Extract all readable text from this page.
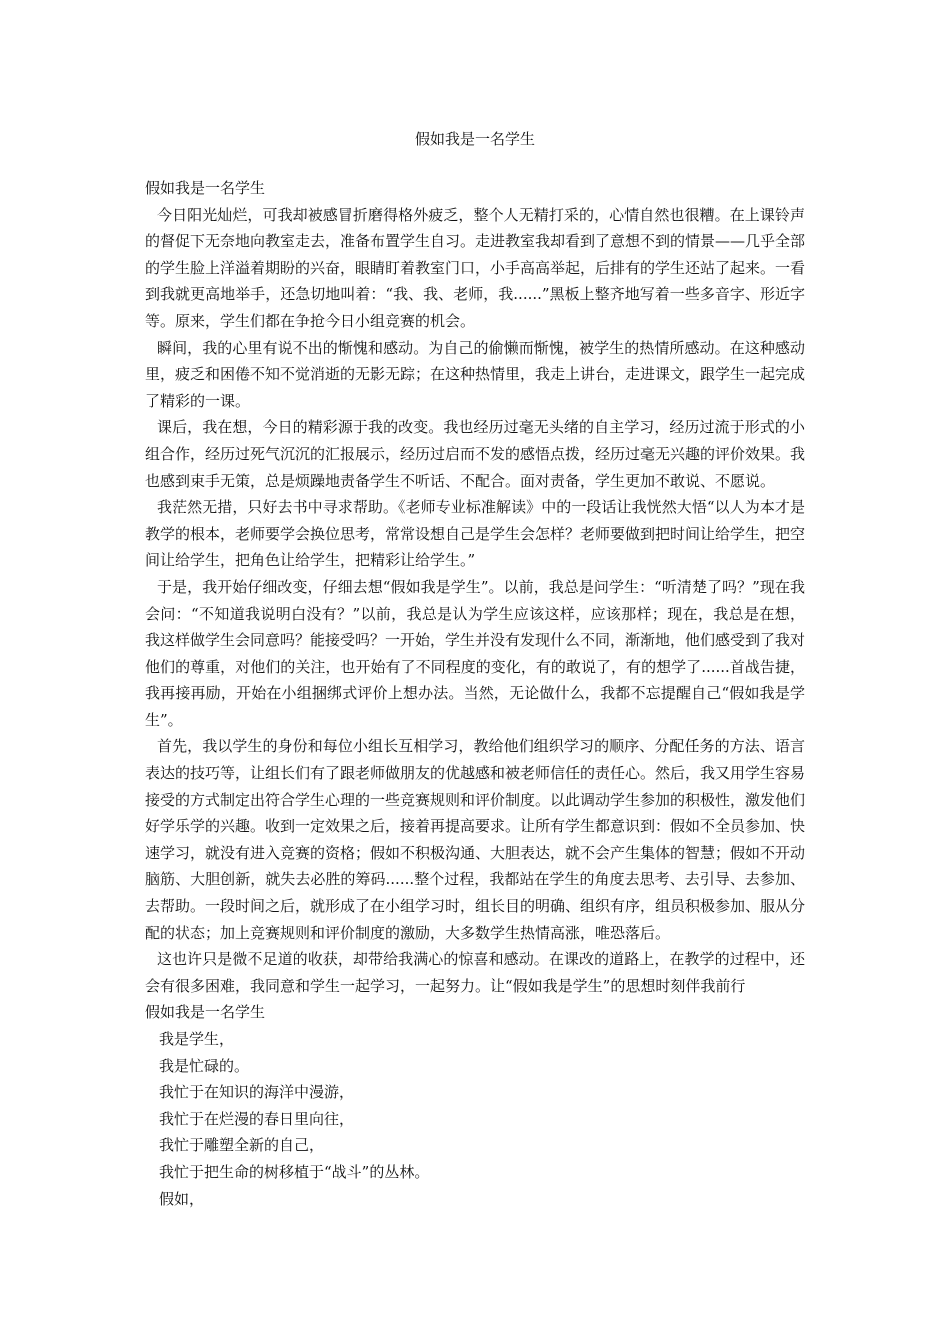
假如我是一名学生

假如我是一名学生

今日阳光灿烂，可我却被感冒折磨得格外疲乏，整个人无精打采的，心情自然也很糟。在上课铃声的督促下无奈地向教室走去，准备布置学生自习。走进教室我却看到了意想不到的情景——几乎全部的学生脸上洋溢着期盼的兴奋，眼睛盯着教室门口，小手高高举起，后排有的学生还站了起来。一看到我就更高地举手，还急切地叫着：“我、我、老师，我......”黑板上整齐地写着一些多音字、形近字等。原来，学生们都在争抢今日小组竞赛的机会。

瞬间，我的心里有说不出的惭愧和感动。为自己的偷懒而惭愧，被学生的热情所感动。在这种感动里，疲乏和困倦不知不觉消逝的无影无踪；在这种热情里，我走上讲台，走进课文，跟学生一起完成了精彩的一课。

课后，我在想，今日的精彩源于我的改变。我也经历过毫无头绪的自主学习，经历过流于形式的小组合作，经历过死气沉沉的汇报展示，经历过启而不发的感悟点拨，经历过毫无兴趣的评价效果。我也感到束手无策，总是烦躁地责备学生不听话、不配合。面对责备，学生更加不敢说、不愿说。

我茫然无措，只好去书中寻求帮助。《老师专业标准解读》中的一段话让我恍然大悟“以人为本才是教学的根本，老师要学会换位思考，常常设想自己是学生会怎样？老师要做到把时间让给学生，把空间让给学生，把角色让给学生，把精彩让给学生。”

于是，我开始仔细改变，仔细去想“假如我是学生”。以前，我总是问学生：“听清楚了吗？”现在我会问：“不知道我说明白没有？”以前，我总是认为学生应该这样，应该那样；现在，我总是在想，我这样做学生会同意吗？能接受吗？一开始，学生并没有发现什么不同，渐渐地，他们感受到了我对他们的尊重，对他们的关注，也开始有了不同程度的变化，有的敢说了，有的想学了......首战告捷，我再接再励，开始在小组捆绑式评价上想办法。当然，无论做什么，我都不忘提醒自己“假如我是学生”。

首先，我以学生的身份和每位小组长互相学习，教给他们组织学习的顺序、分配任务的方法、语言表达的技巧等，让组长们有了跟老师做朋友的优越感和被老师信任的责任心。然后，我又用学生容易接受的方式制定出符合学生心理的一些竞赛规则和评价制度。以此调动学生参加的积极性，激发他们好学乐学的兴趣。收到一定效果之后，接着再提高要求。让所有学生都意识到：假如不全员参加、快速学习，就没有进入竞赛的资格；假如不积极沟通、大胆表达，就不会产生集体的智慧；假如不开动脑筋、大胆创新，就失去必胜的筹码......整个过程，我都站在学生的角度去思考、去引导、去参加、去帮助。一段时间之后，就形成了在小组学习时，组长目的明确、组织有序，组员积极参加、服从分配的状态；加上竞赛规则和评价制度的激励，大多数学生热情高涨，唯恐落后。

这也许只是微不足道的收获，却带给我满心的惊喜和感动。在课改的道路上，在教学的过程中，还会有很多困难，我同意和学生一起学习，一起努力。让“假如我是学生”的思想时刻伴我前行

假如我是一名学生

我是学生，

我是忙碌的。

我忙于在知识的海洋中漫游，

我忙于在烂漫的春日里向往，

我忙于雕塑全新的自己，

我忙于把生命的树移植于“战斗”的丛林。

假如，
